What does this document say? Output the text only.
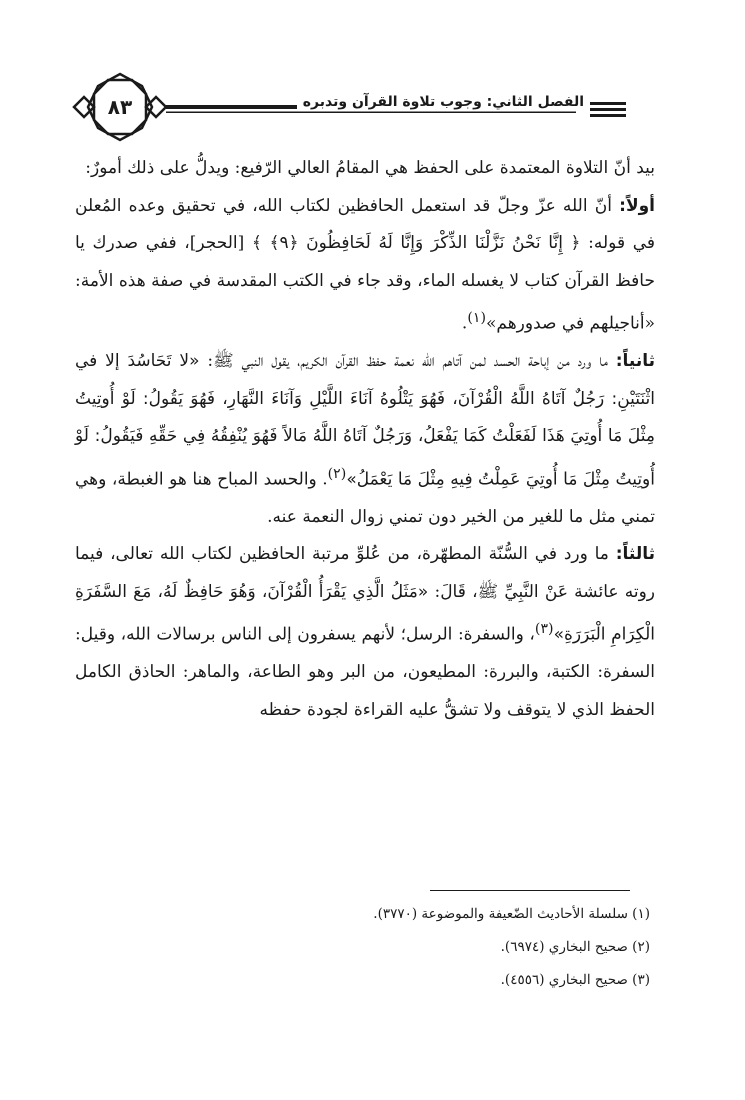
٨٣	الفصل الثاني: وجوب تلاوة القرآن وتدبره

بيد أنّ التلاوة المعتمدة على الحفظ هي المقامُ العالي الرّفيع: ويدلُّ على ذلك أمورٌ:

أولاً: أنّ الله عزّ وجلّ قد استعمل الحافظين لكتاب الله، في تحقيق وعده المُعلن في قوله: ﴿ إِنَّا نَحْنُ نَزَّلْنَا الذِّكْرَ وَإِنَّا لَهُ لَحَافِظُونَ ﴿٩﴾ ﴾ [الحجر]، ففي صدرك يا حافظ القرآن كتاب لا يغسله الماء، وقد جاء في الكتب المقدسة في صفة هذه الأمة: «أناجيلهم في صدورهم»$^{(١)}$.

ثانياً: ما ورد من إباحة الحسد لمن آتاهم الله نعمة حفظ القرآن الكريم، يقول النبي ﷺ: «لا تَحَاسُدَ إلا في اثْنَتَيْنِ: رَجُلٌ آتَاهُ اللَّهُ الْقُرْآنَ، فَهُوَ يَتْلُوهُ آنَاءَ اللَّيْلِ وَآنَاءَ النَّهَارِ، فَهُوَ يَقُولُ: لَوْ أُوتِيتُ مِثْلَ مَا أُوتِيَ هَذَا لَفَعَلْتُ كَمَا يَفْعَلُ، وَرَجُلٌ آتَاهُ اللَّهُ مَالاً فَهُوَ يُنْفِقُهُ فِي حَقِّهِ فَيَقُولُ: لَوْ أُوتِيتُ مِثْلَ مَا أُوتِيَ عَمِلْتُ فِيهِ مِثْلَ مَا يَعْمَلُ»$^{(٢)}$. والحسد المباح هنا هو الغبطة، وهي تمني مثل ما للغير من الخير دون تمني زوال النعمة عنه.

ثالثاً: ما ورد في السُّنّة المطهّرة، من عُلوِّ مرتبة الحافظين لكتاب الله تعالى، فيما روته عائشة عَنْ النَّبِيِّ ﷺ، قَالَ: «مَثَلُ الَّذِي يَقْرَأُ الْقُرْآنَ، وَهُوَ حَافِظٌ لَهُ، مَعَ السَّفَرَةِ الْكِرَامِ الْبَرَرَةِ»$^{(٣)}$، والسفرة: الرسل؛ لأنهم يسفرون إلى الناس برسالات الله، وقيل: السفرة: الكتبة، والبررة: المطيعون، من البر وهو الطاعة، والماهر: الحاذق الكامل الحفظ الذي لا يتوقف ولا تشقُّ عليه القراءة لجودة حفظه

(١) سلسلة الأحاديث الضّعيفة والموضوعة (٣٧٧٠).

(٢) صحيح البخاري (٦٩٧٤).

(٣) صحيح البخاري (٤٥٥٦).
